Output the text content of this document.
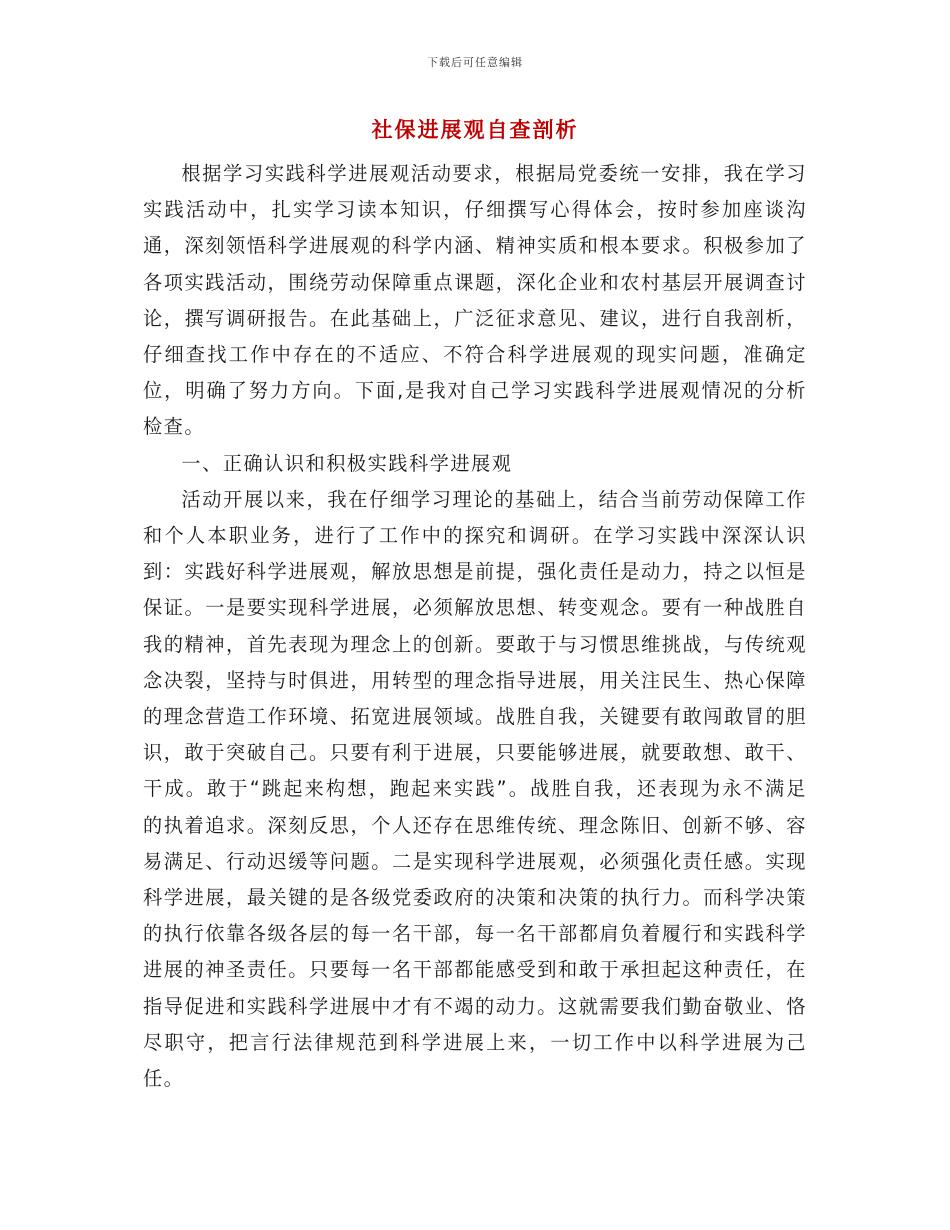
下载后可任意编辑
社保进展观自查剖析

根据学习实践科学进展观活动要求，根据局党委统一安排，我在学习实践活动中，扎实学习读本知识，仔细撰写心得体会，按时参加座谈沟通，深刻领悟科学进展观的科学内涵、精神实质和根本要求。积极参加了各项实践活动，围绕劳动保障重点课题，深化企业和农村基层开展调查讨论，撰写调研报告。在此基础上，广泛征求意见、建议，进行自我剖析，仔细查找工作中存在的不适应、不符合科学进展观的现实问题，准确定位，明确了努力方向。下面,是我对自己学习实践科学进展观情况的分析检查。

一、正确认识和积极实践科学进展观

活动开展以来，我在仔细学习理论的基础上，结合当前劳动保障工作和个人本职业务，进行了工作中的探究和调研。在学习实践中深深认识到：实践好科学进展观，解放思想是前提，强化责任是动力，持之以恒是保证。一是要实现科学进展，必须解放思想、转变观念。要有一种战胜自我的精神，首先表现为理念上的创新。要敢于与习惯思维挑战，与传统观念决裂，坚持与时俱进，用转型的理念指导进展，用关注民生、热心保障的理念营造工作环境、拓宽进展领域。战胜自我，关键要有敢闯敢冒的胆识，敢于突破自己。只要有利于进展，只要能够进展，就要敢想、敢干、干成。敢于“跳起来构想，跑起来实践”。战胜自我，还表现为永不满足的执着追求。深刻反思，个人还存在思维传统、理念陈旧、创新不够、容易满足、行动迟缓等问题。二是实现科学进展观，必须强化责任感。实现科学进展，最关键的是各级党委政府的决策和决策的执行力。而科学决策的执行依靠各级各层的每一名干部，每一名干部都肩负着履行和实践科学进展的神圣责任。只要每一名干部都能感受到和敢于承担起这种责任，在指导促进和实践科学进展中才有不竭的动力。这就需要我们勤奋敬业、恪尽职守，把言行法律规范到科学进展上来，一切工作中以科学进展为己任。
